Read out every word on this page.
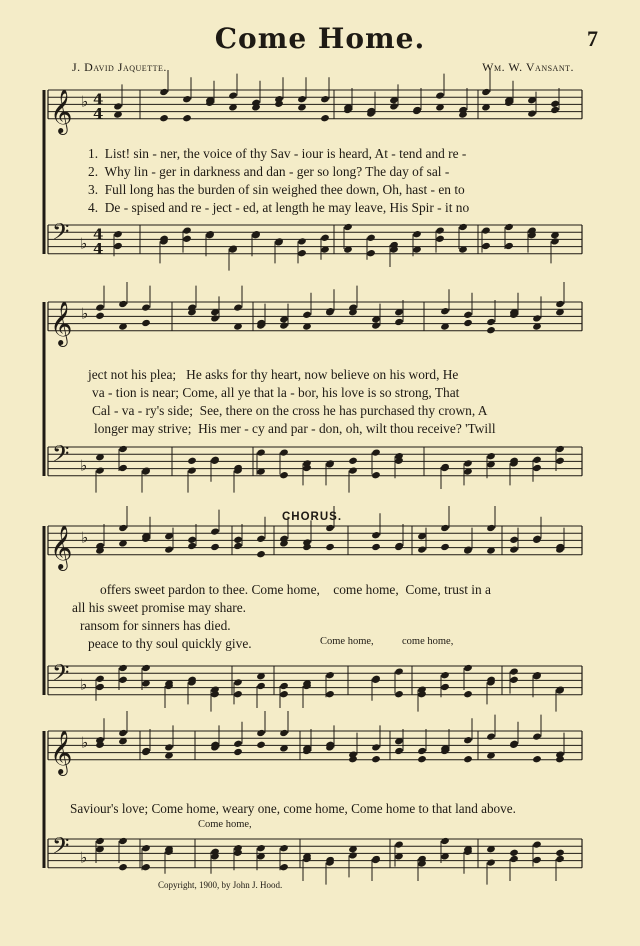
Come Home.	7
J. David Jaquette.	Wm. W. Vansant.
𝄞 ♭ 4
4
𝄢 ♭
4
4
𝄞 ♭
𝄢 ♭
𝄞 ♭
𝄢 ♭
𝄞 ♭
𝄢 ♭
1.  List! sin - ner, the voice of thy Sav - iour is heard, At - tend and re -
2.  Why lin - ger in darkness and dan - ger so long? The day of sal -
3.  Full long has the burden of sin weighed thee down, Oh, hast - en to
4.  De - spised and re - ject - ed, at length he may leave, His Spir - it no
ject not his plea;   He asks for thy heart, now believe on his word, He
va - tion is near; Come, all ye that la - bor, his love is so strong, That
Cal - va - ry's side;  See, there on the cross he has purchased thy crown, A
longer may strive;  His mer - cy and par - don, oh, wilt thou receive? 'Twill
CHORUS.
offers sweet pardon to thee. Come home,    come home,  Come, trust in a
all his sweet promise may share.
ransom for sinners has died.
peace to thy soul quickly give.	Come home,	come home,
Saviour's love; Come home, weary one, come home, Come home to that land above.
Come home,
Copyright, 1900, by John J. Hood.
